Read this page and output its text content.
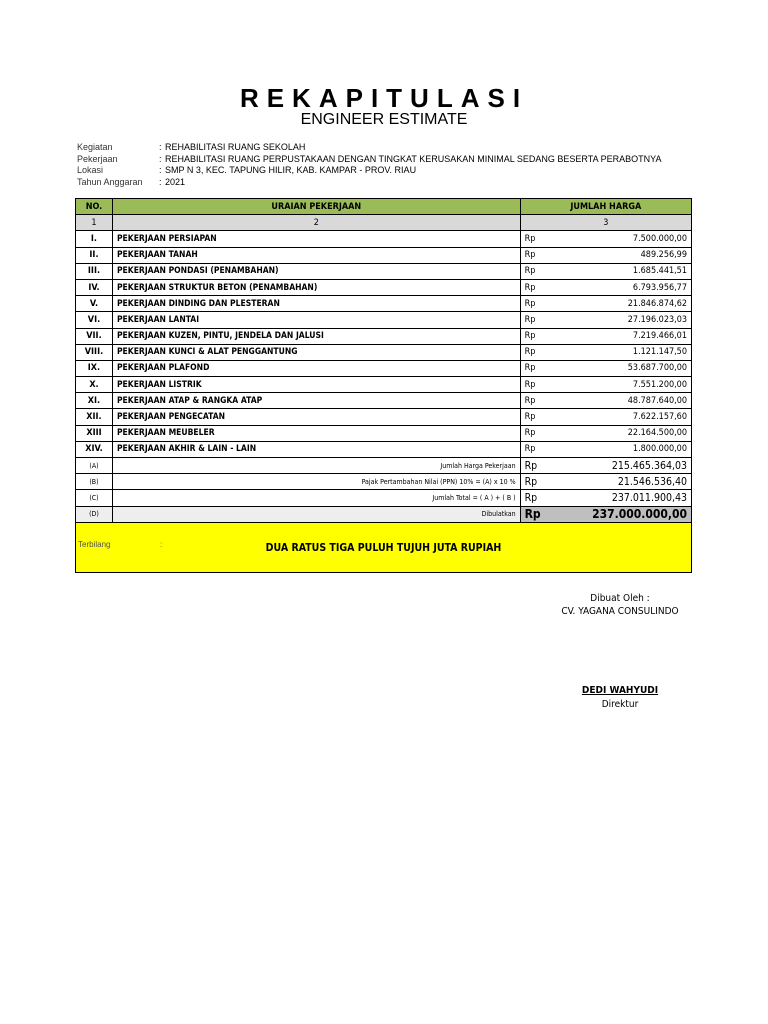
REKAPITULASI
ENGINEER ESTIMATE
Kegiatan	: REHABILITASI RUANG SEKOLAH
Pekerjaan	: REHABILITASI RUANG PERPUSTAKAAN DENGAN TINGKAT KERUSAKAN MINIMAL SEDANG BESERTA PERABOTNYA
Lokasi	: SMP N 3, KEC. TAPUNG HILIR, KAB. KAMPAR - PROV. RIAU
Tahun Anggaran	: 2021
NO.	URAIAN PEKERJAAN	JUMLAH HARGA	
1	2	3	
I.	PEKERJAAN PERSIAPAN	Rp	7.500.000,00
II.	PEKERJAAN TANAH	Rp	489.256,99
III.	PEKERJAAN PONDASI (PENAMBAHAN)	Rp	1.685.441,51
IV.	PEKERJAAN STRUKTUR BETON (PENAMBAHAN)	Rp	6.793.956,77
V.	PEKERJAAN DINDING DAN PLESTERAN	Rp	21.846.874,62
VI.	PEKERJAAN LANTAI	Rp	27.196.023,03
VII.	PEKERJAAN KUZEN, PINTU, JENDELA DAN JALUSI	Rp	7.219.466,01
VIII.	PEKERJAAN KUNCI & ALAT PENGGANTUNG	Rp	1.121.147,50
IX.	PEKERJAAN PLAFOND	Rp	53.687.700,00
X.	PEKERJAAN LISTRIK	Rp	7.551.200,00
XI.	PEKERJAAN ATAP & RANGKA ATAP	Rp	48.787.640,00
XII.	PEKERJAAN PENGECATAN	Rp	7.622.157,60
XIII	PEKERJAAN MEUBELER	Rp	22.164.500,00
XIV.	PEKERJAAN AKHIR & LAIN - LAIN	Rp	1.800.000,00
(A)	Jumlah Harga Pekerjaan	Rp	215.465.364,03
(B)	Pajak Pertambahan Nilai (PPN) 10% = (A) x 10 %	Rp	21.546.536,40
(C)	Jumlah Total = ( A ) + ( B )	Rp	237.011.900,43
(D)	Dibulatkan	Rp	237.000.000,00
Terbilang	:	DUA RATUS TIGA PULUH TUJUH JUTA RUPIAH
Dibuat Oleh :
CV. YAGANA CONSULINDO
DEDI WAHYUDI
Direktur
